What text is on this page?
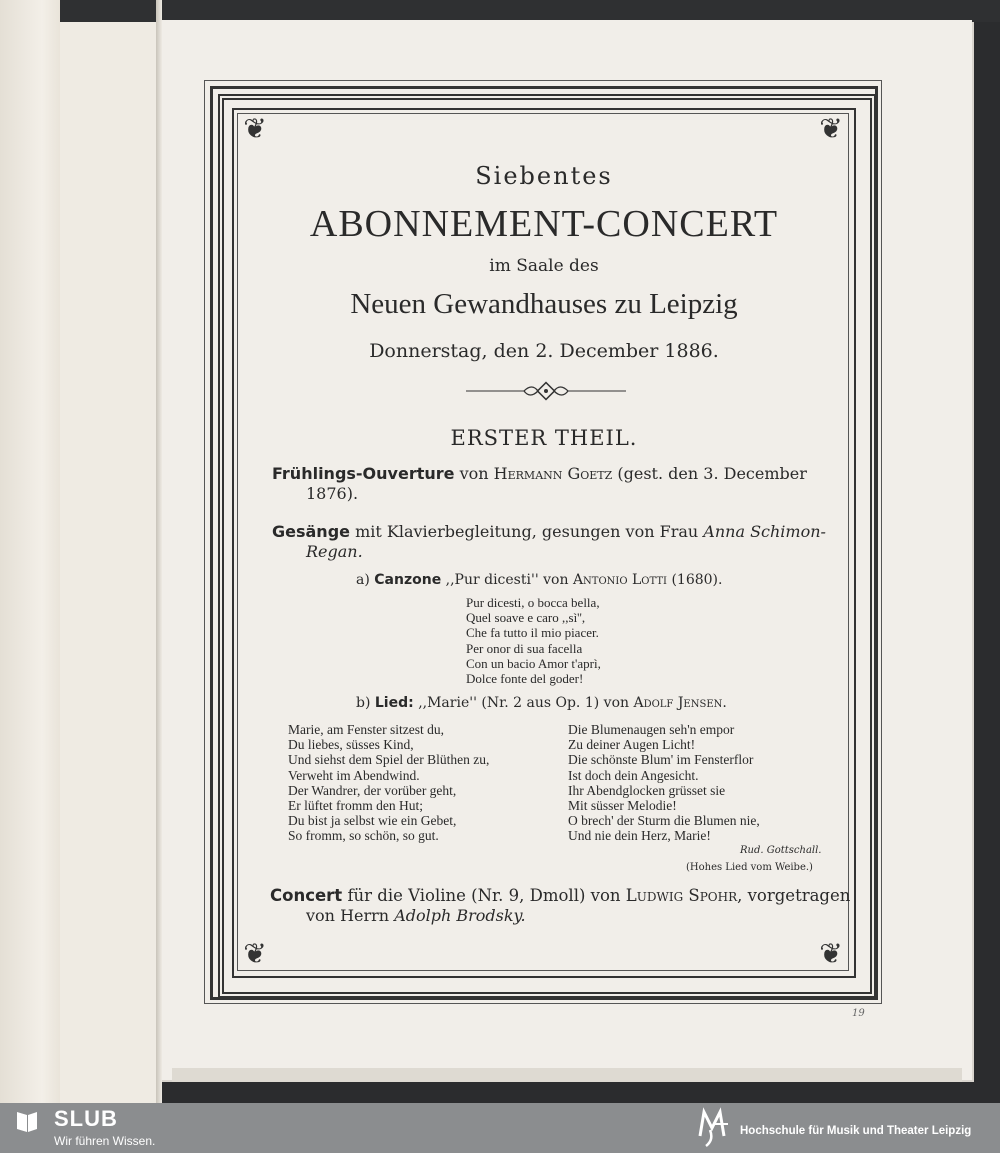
❦	❦
❦	❦
Siebentes
ABONNEMENT-CONCERT
im Saale des
Neuen Gewandhauses zu Leipzig
Donnerstag, den 2. December 1886.
ERSTER THEIL.
Frühlings-Ouverture von Hermann Goetz (gest. den 3. December
1876).
Gesänge mit Klavierbegleitung, gesungen von Frau Anna Schimon-
Regan.
a) Canzone ,,Pur dicesti'' von Antonio Lotti (1680).
Pur dicesti, o bocca bella,
Quel soave e caro ,,sì'',
Che fa tutto il mio piacer.
Per onor di sua facella
Con un bacio Amor t'aprì,
Dolce fonte del goder!
b) Lied: ,,Marie'' (Nr. 2 aus Op. 1) von Adolf Jensen.
Marie, am Fenster sitzest du,
Du liebes, süsses Kind,
Und siehst dem Spiel der Blüthen zu,
Verweht im Abendwind.
Der Wandrer, der vorüber geht,
Er lüftet fromm den Hut;
Du bist ja selbst wie ein Gebet,
So fromm, so schön, so gut.
Die Blumenaugen seh'n empor
Zu deiner Augen Licht!
Die schönste Blum' im Fensterflor
Ist doch dein Angesicht.
Ihr Abendglocken grüsset sie
Mit süsser Melodie!
O brech' der Sturm die Blumen nie,
Und nie dein Herz, Marie!
Rud. Gottschall.
(Hohes Lied vom Weibe.)
Concert für die Violine (Nr. 9, Dmoll) von Ludwig Spohr, vorgetragen
von Herrn Adolph Brodsky.
19
SLUB
Wir führen Wissen.
Hochschule für Musik und Theater Leipzig
